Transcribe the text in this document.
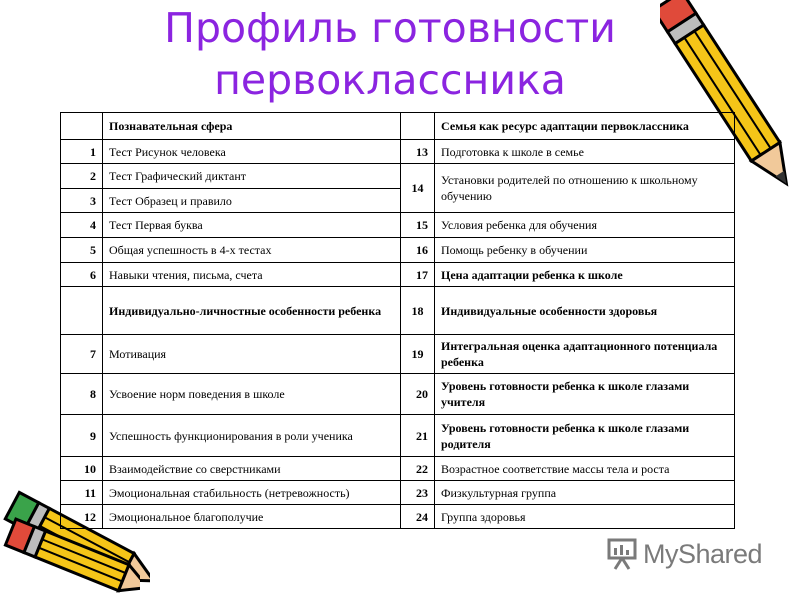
Профиль готовности первоклассника
	Познавательная сфера		Семья как ресурс адаптации первоклассника
1	Тест Рисунок человека	13	Подготовка к школе в семье
2	Тест Графический диктант	14	Установки родителей по отношению к школьному обучению
3	Тест Образец и правило		
4	Тест Первая буква	15	Условия ребенка для обучения
5	Общая успешность в 4-х тестах	16	Помощь ребенку в обучении
6	Навыки чтения, письма, счета	17	Цена адаптации ребенка к школе
	Индивидуально-личностные особенности ребенка	18	Индивидуальные особенности здоровья
7	Мотивация	19	Интегральная оценка адаптационного потенциала ребенка
8	Усвоение норм поведения в школе	20	Уровень готовности ребенка к школе глазами учителя
9	Успешность функционирования в роли ученика	21	Уровень готовности ребенка к школе глазами родителя
10	Взаимодействие со сверстниками	22	Возрастное соответствие массы тела и роста
11	Эмоциональная стабильность (нетревожность)	23	Физкультурная группа
12	Эмоциональное благополучие	24	Группа здоровья
MyShared
